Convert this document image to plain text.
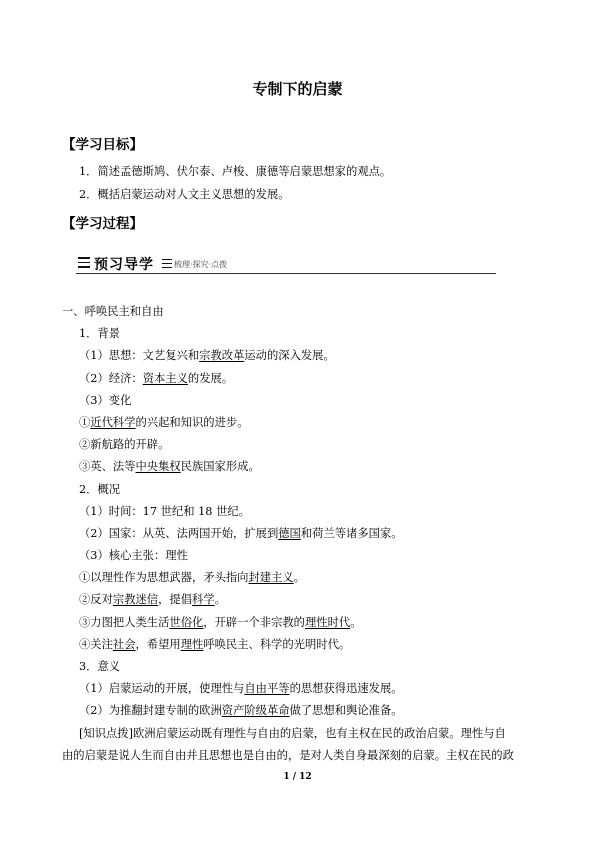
专制下的启蒙
【学习目标】
1．简述孟德斯鸠、伏尔泰、卢梭、康德等启蒙思想家的观点。
2．概括启蒙运动对人文主义思想的发展。
【学习过程】
预习导学	梳理·探究·点拨
一、呼唤民主和自由
1．背景
（1）思想：文艺复兴和宗教改革运动的深入发展。
（2）经济：资本主义的发展。
（3）变化
①近代科学的兴起和知识的进步。
②新航路的开辟。
③英、法等中央集权民族国家形成。
2．概况
（1）时间：17 世纪和 18 世纪。
（2）国家：从英、法两国开始，扩展到德国和荷兰等诸多国家。
（3）核心主张：理性
①以理性作为思想武器，矛头指向封建主义。
②反对宗教迷信，提倡科学。
③力图把人类生活世俗化，开辟一个非宗教的理性时代。
④关注社会，希望用理性呼唤民主、科学的光明时代。
3．意义
（1）启蒙运动的开展，使理性与自由平等的思想获得迅速发展。
（2）为推翻封建专制的欧洲资产阶级革命做了思想和舆论准备。
[知识点拨]欧洲启蒙运动既有理性与自由的启蒙，也有主权在民的政治启蒙。理性与自
由的启蒙是说人生而自由并且思想也是自由的，是对人类自身最深刻的启蒙。主权在民的政
1 / 12
